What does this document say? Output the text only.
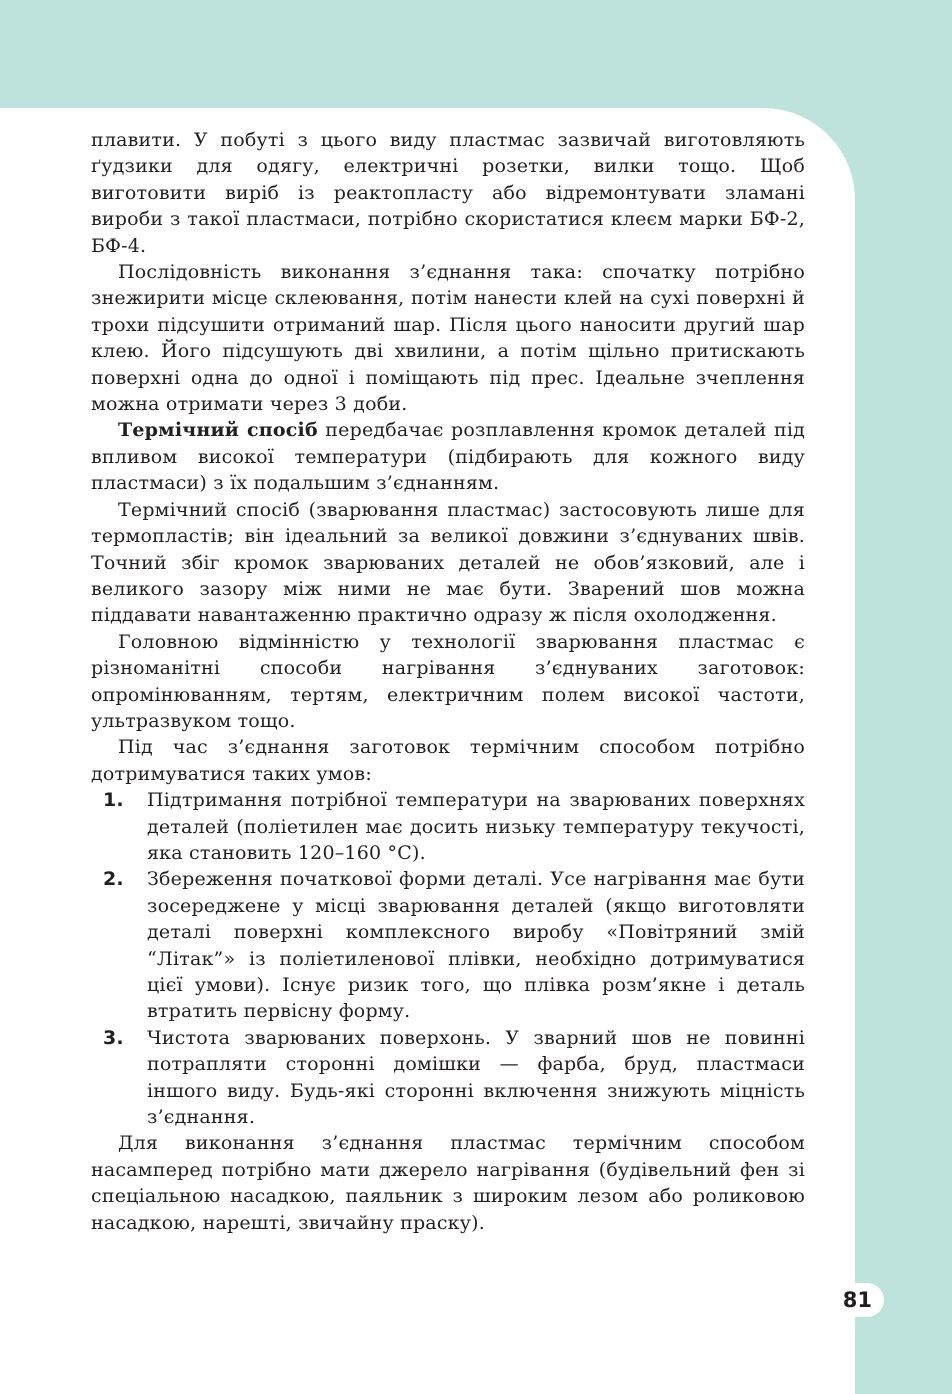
плавити. У побуті з цього виду пластмас зазвичай виготовляють ґудзики для одягу, електричні розетки, вилки тощо. Щоб виготовити виріб із реактопласту або відремонтувати зламані вироби з такої пластмаси, потрібно скористатися клеєм марки БФ-2, БФ-4.

Послідовність виконання з’єднання така: спочатку потрібно знежирити місце склеювання, потім нанести клей на сухі поверхні й трохи підсушити отриманий шар. Після цього наносити другий шар клею. Його підсушують дві хвилини, а потім щільно притискають поверхні одна до одної і поміщають під прес. Ідеальне зчеплення можна отримати через 3 доби.

Термічний спосіб передбачає розплавлення кромок деталей під впливом високої температури (підбирають для кожного виду пластмаси) з їх подальшим з’єднанням.

Термічний спосіб (зварювання пластмас) застосовують лише для термопластів; він ідеальний за великої довжини з’єднуваних швів. Точний збіг кромок зварюваних деталей не обов’язковий, але і великого зазору між ними не має бути. Зварений шов можна піддавати навантаженню практично одразу ж після охолодження.

Головною відмінністю у технології зварювання пластмас є різноманітні способи нагрівання з’єднуваних заготовок: опромінюванням, тертям, електричним полем високої частоти, ультразвуком тощо.

Під час з’єднання заготовок термічним способом потрібно дотримуватися таких умов:

1. Підтримання потрібної температури на зварюваних поверхнях деталей (поліетилен має досить низьку температуру текучості, яка становить 120–160 °С).
2. Збереження початкової форми деталі. Усе нагрівання має бути зосереджене у місці зварювання деталей (якщо виготовляти деталі поверхні комплексного виробу «Повітряний змій “Літак”» із поліетиленової плівки, необхідно дотримуватися цієї умови). Існує ризик того, що плівка розм’якне і деталь втратить первісну форму.
3. Чистота зварюваних поверхонь. У зварний шов не повинні потрапляти сторонні домішки — фарба, бруд, пластмаси іншого виду. Будь-які сторонні включення знижують міцність з’єднання.

Для виконання з’єднання пластмас термічним способом насамперед потрібно мати джерело нагрівання (будівельний фен зі спеціальною насадкою, паяльник з широким лезом або роликовою насадкою, нарешті, звичайну праску).

81
